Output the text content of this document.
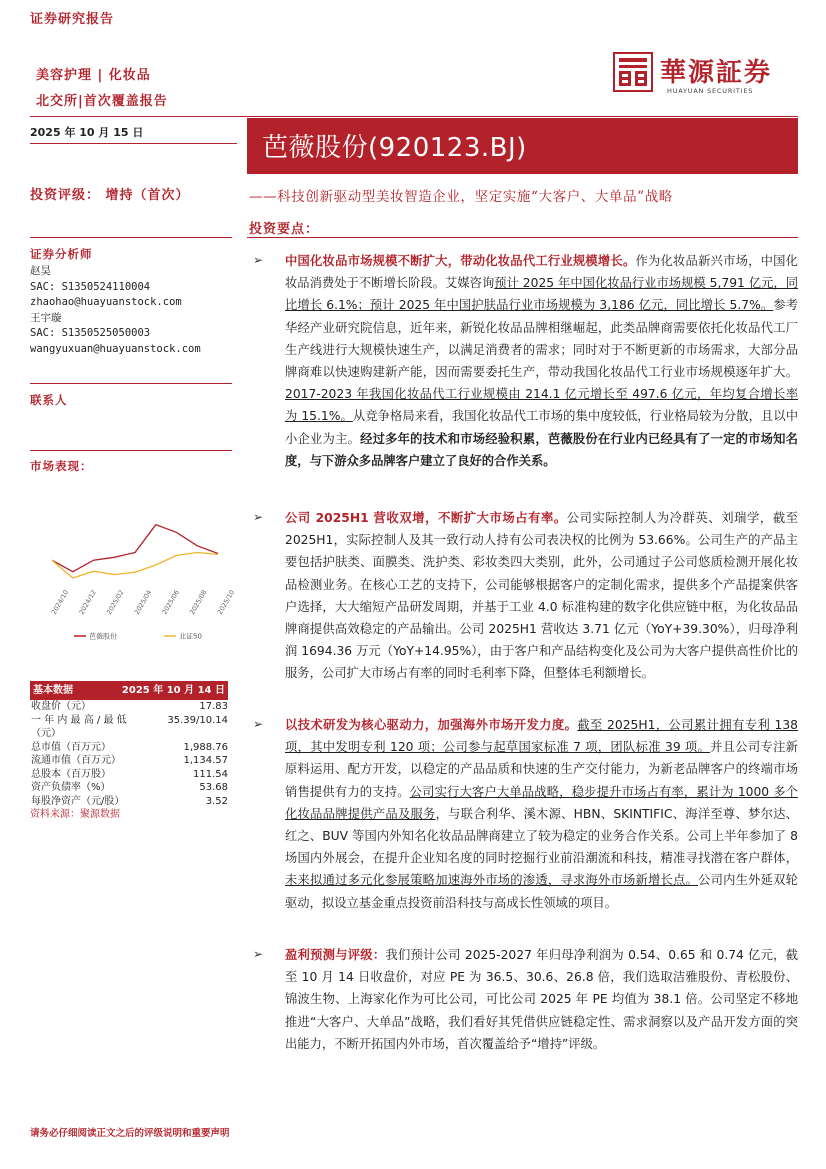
证券研究报告
美容护理 | 化妆品
北交所|首次覆盖报告
華源証券
HUAYUAN SECURITIES
2025 年 10 月 15 日
芭薇股份(920123.BJ)
投资评级： 增持（首次）	——科技创新驱动型美妆智造企业，坚定实施“大客户、大单品”战略
投资要点：
证券分析师
赵昊
SAC: S1350524110004
zhaohao@huayuanstock.com
王宇璇
SAC: S1350525050003
wangyuxuan@huayuanstock.com
联系人
市场表现：
2024/10 2024/12 2025/02 2025/04 2025/06 2025/08 2025/10
芭薇股份	北证50
基本数据	2025 年 10 月 14 日
收盘价（元）	17.83
一 年 内 最 高 / 最 低	35.39/10.14
（元）
总市值（百万元）	1,988.76
流通市值（百万元）	1,134.57
总股本（百万股）	111.54
资产负债率（%）	53.68
每股净资产（元/股）	3.52
资料来源：聚源数据
➢	中国化妆品市场规模不断扩大，带动化妆品代工行业规模增长。作为化妆品新兴市场，中国化妆品消费处于不断增长阶段。艾媒咨询预计 2025 年中国化妆品行业市场规模 5,791 亿元，同比增长 6.1%；预计 2025 年中国护肤品行业市场规模为 3,186 亿元，同比增长 5.7%。参考华经产业研究院信息，近年来，新锐化妆品品牌相继崛起，此类品牌商需要依托化妆品代工厂生产线进行大规模快速生产，以满足消费者的需求；同时对于不断更新的市场需求，大部分品牌商难以快速购建新产能，因而需要委托生产，带动我国化妆品代工行业市场规模逐年扩大。2017-2023 年我国化妆品代工行业规模由 214.1 亿元增长至 497.6 亿元，年均复合增长率为 15.1%。从竞争格局来看，我国化妆品代工市场的集中度较低，行业格局较为分散，且以中小企业为主。经过多年的技术和市场经验积累，芭薇股份在行业内已经具有了一定的市场知名度，与下游众多品牌客户建立了良好的合作关系。

➢	公司 2025H1 营收双增，不断扩大市场占有率。公司实际控制人为冷群英、刘瑞学，截至 2025H1，实际控制人及其一致行动人持有公司表决权的比例为 53.66%。公司生产的产品主要包括护肤类、面膜类、洗护类、彩妆类四大类别，此外，公司通过子公司悠质检测开展化妆品检测业务。在核心工艺的支持下，公司能够根据客户的定制化需求，提供多个产品提案供客户选择，大大缩短产品研发周期，并基于工业 4.0 标准构建的数字化供应链中枢，为化妆品品牌商提供高效稳定的产品输出。公司 2025H1 营收达 3.71 亿元（YoY+39.30%），归母净利润 1694.36 万元（YoY+14.95%），由于客户和产品结构变化及公司为大客户提供高性价比的服务，公司扩大市场占有率的同时毛利率下降，但整体毛利额增长。

➢	以技术研发为核心驱动力，加强海外市场开发力度。截至 2025H1，公司累计拥有专利 138 项，其中发明专利 120 项；公司参与起草国家标准 7 项，团队标准 39 项。并且公司专注新原料运用、配方开发，以稳定的产品品质和快速的生产交付能力，为新老品牌客户的终端市场销售提供有力的支持。公司实行大客户大单品战略，稳步提升市场占有率，累计为 1000 多个化妆品品牌提供产品及服务，与联合利华、溪木源、HBN、SKINTIFIC、海洋至尊、梦尔达、红之、BUV 等国内外知名化妆品品牌商建立了较为稳定的业务合作关系。公司上半年参加了 8 场国内外展会，在提升企业知名度的同时挖掘行业前沿潮流和科技，精准寻找潜在客户群体，未来拟通过多元化参展策略加速海外市场的渗透，寻求海外市场新增长点。公司内生外延双轮驱动，拟设立基金重点投资前沿科技与高成长性领域的项目。

➢	盈利预测与评级：我们预计公司 2025-2027 年归母净利润为 0.54、0.65 和 0.74 亿元，截至 10 月 14 日收盘价，对应 PE 为 36.5、30.6、26.8 倍，我们选取洁雅股份、青松股份、锦波生物、上海家化作为可比公司，可比公司 2025 年 PE 均值为 38.1 倍。公司坚定不移地推进“大客户、大单品”战略，我们看好其凭借供应链稳定性、需求洞察以及产品开发方面的突出能力，不断开拓国内外市场，首次覆盖给予“增持”评级。

请务必仔细阅读正文之后的评级说明和重要声明
